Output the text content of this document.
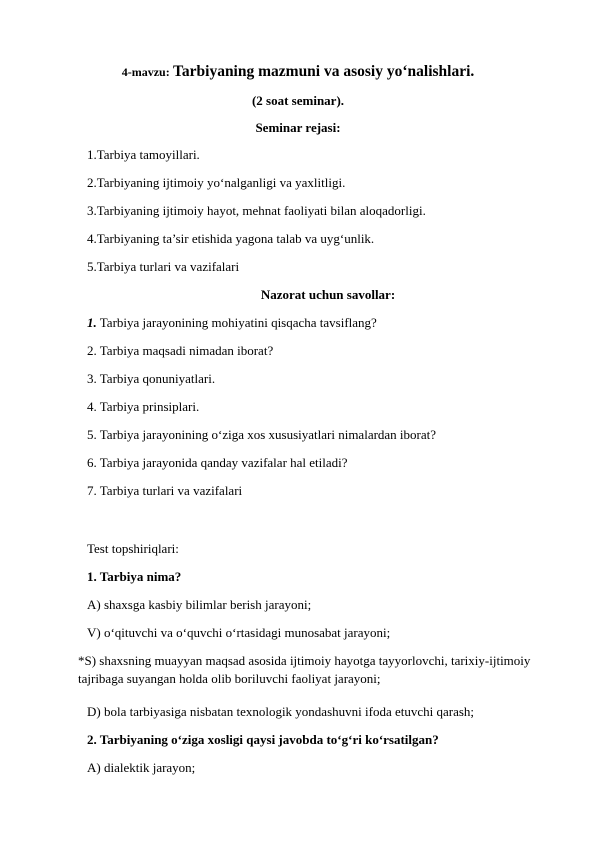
4-mavzu: Tarbiyaning mazmuni va asosiy yo‘nalishlari.
(2 soat seminar).
Seminar rejasi:
1.Tarbiya tamoyillari.
2.Tarbiyaning ijtimoiy yo‘nalganligi va yaxlitligi.
3.Tarbiyaning ijtimoiy hayot, mehnat faoliyati bilan aloqadorligi.
4.Tarbiyaning ta’sir etishida yagona talab va uyg‘unlik.
5.Tarbiya turlari va vazifalari
Nazorat uchun savollar:
1. Tarbiya jarayonining mohiyatini qisqacha tavsiflang?
2. Tarbiya maqsadi nimadan iborat?
3. Tarbiya qonuniyatlari.
4. Tarbiya prinsiplari.
5. Tarbiya jarayonining o‘ziga xos xususiyatlari nimalardan iborat?
6. Tarbiya jarayonida qanday vazifalar hal etiladi?
7. Tarbiya turlari va vazifalari
Test topshiriqlari:
1. Tarbiya nima?
A) shaxsga kasbiy bilimlar berish jarayoni;
V) o‘qituvchi va o‘quvchi o‘rtasidagi munosabat jarayoni;
*S) shaxsning muayyan maqsad asosida ijtimoiy hayotga tayyorlovchi, tarixiy-ijtimoiy tajribaga suyangan holda olib boriluvchi faoliyat jarayoni;
D) bola tarbiyasiga nisbatan texnologik yondashuvni ifoda etuvchi qarash;
2. Tarbiyaning o‘ziga xosligi qaysi javobda to‘g‘ri ko‘rsatilgan?
A) dialektik jarayon;
